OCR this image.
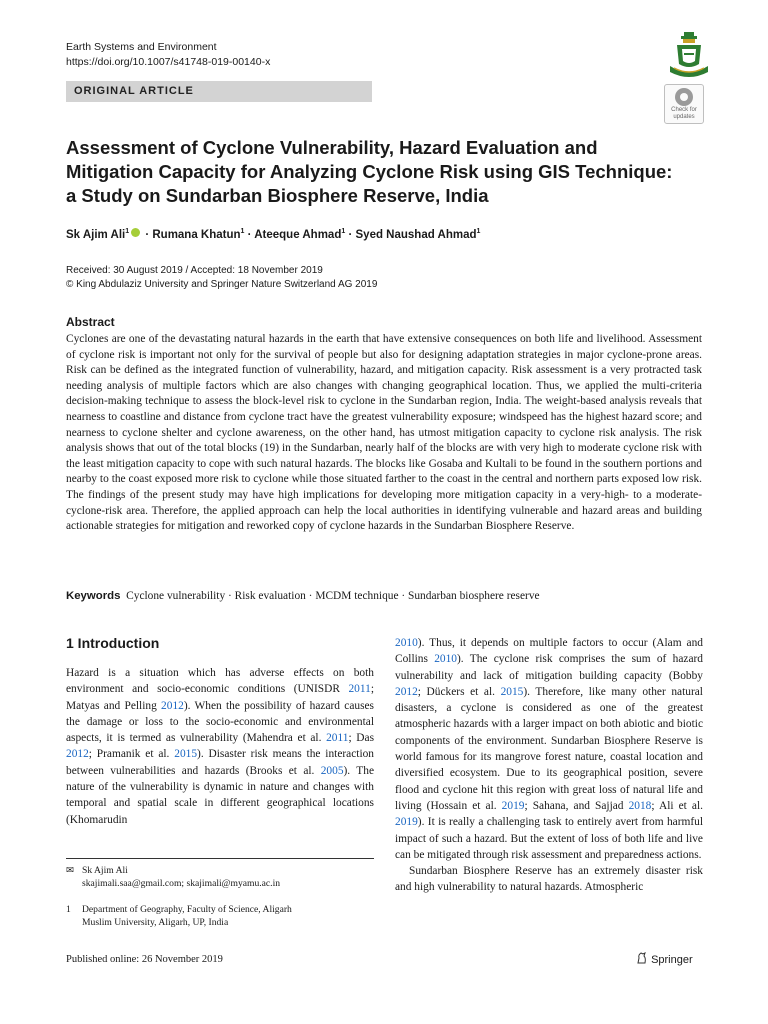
Earth Systems and Environment
https://doi.org/10.1007/s41748-019-00140-x
ORIGINAL ARTICLE
Check for updates
Assessment of Cyclone Vulnerability, Hazard Evaluation and Mitigation Capacity for Analyzing Cyclone Risk using GIS Technique: a Study on Sundarban Biosphere Reserve, India
Sk Ajim Ali$^1$ · Rumana Khatun$^1$ · Ateeque Ahmad$^1$ · Syed Naushad Ahmad$^1$
Received: 30 August 2019 / Accepted: 18 November 2019
© King Abdulaziz University and Springer Nature Switzerland AG 2019
Abstract
Cyclones are one of the devastating natural hazards in the earth that have extensive consequences on both life and livelihood. Assessment of cyclone risk is important not only for the survival of people but also for designing adaptation strategies in major cyclone-prone areas. Risk can be defined as the integrated function of vulnerability, hazard, and mitigation capacity. Risk assessment is a very protracted task needing analysis of multiple factors which are also changes with changing geographical location. Thus, we applied the multi-criteria decision-making technique to assess the block-level risk to cyclone in the Sundarban region, India. The weight-based analysis reveals that nearness to coastline and distance from cyclone tract have the greatest vulnerability exposure; windspeed has the highest hazard score; and nearness to cyclone shelter and cyclone awareness, on the other hand, has utmost mitigation capacity to cyclone risk analysis. The risk analysis shows that out of the total blocks (19) in the Sundarban, nearly half of the blocks are with very high to moderate cyclone risk with the least mitigation capacity to cope with such natural hazards. The blocks like Gosaba and Kultali to be found in the southern portions and nearby to the coast exposed more risk to cyclone while those situated farther to the coast in the central and northern parts exposed low risk. The findings of the present study may have high implications for developing more mitigation capacity in a very-high- to a moderate-cyclone-risk area. Therefore, the applied approach can help the local authorities in identifying vulnerable and hazard areas and building actionable strategies for mitigation and reworked copy of cyclone hazards in the Sundarban Biosphere Reserve.
Keywords Cyclone vulnerability · Risk evaluation · MCDM technique · Sundarban biosphere reserve
1 Introduction

Hazard is a situation which has adverse effects on both environment and socio-economic conditions (UNISDR 2011; Matyas and Pelling 2012). When the possibility of hazard causes the damage or loss to the socio-economic and environmental aspects, it is termed as vulnerability (Mahendra et al. 2011; Das 2012; Pramanik et al. 2015). Disaster risk means the interaction between vulnerabilities and hazards (Brooks et al. 2005). The nature of the vulnerability is dynamic in nature and changes with temporal and spatial scale in different geographical locations (Khomarudin

2010). Thus, it depends on multiple factors to occur (Alam and Collins 2010). The cyclone risk comprises the sum of hazard vulnerability and lack of mitigation building capacity (Bobby 2012; Dückers et al. 2015). Therefore, like many other natural disasters, a cyclone is considered as one of the greatest atmospheric hazards with a larger impact on both abiotic and biotic components of the environment. Sundarban Biosphere Reserve is world famous for its mangrove forest nature, coastal location and diversified ecosystem. Due to its geographical position, severe flood and cyclone hit this region with great loss of natural life and living (Hossain et al. 2019; Sahana, and Sajjad 2018; Ali et al. 2019). It is really a challenging task to entirely avert from harmful impact of such a hazard. But the extent of loss of both life and live can be mitigated through risk assessment and preparedness actions.

Sundarban Biosphere Reserve has an extremely disaster risk and high vulnerability to natural hazards. Atmospheric

✉ Sk Ajim Ali
skajimali.saa@gmail.com; skajimali@myamu.ac.in
1 Department of Geography, Faculty of Science, Aligarh
Muslim University, Aligarh, UP, India
Published online: 26 November 2019	Springer
